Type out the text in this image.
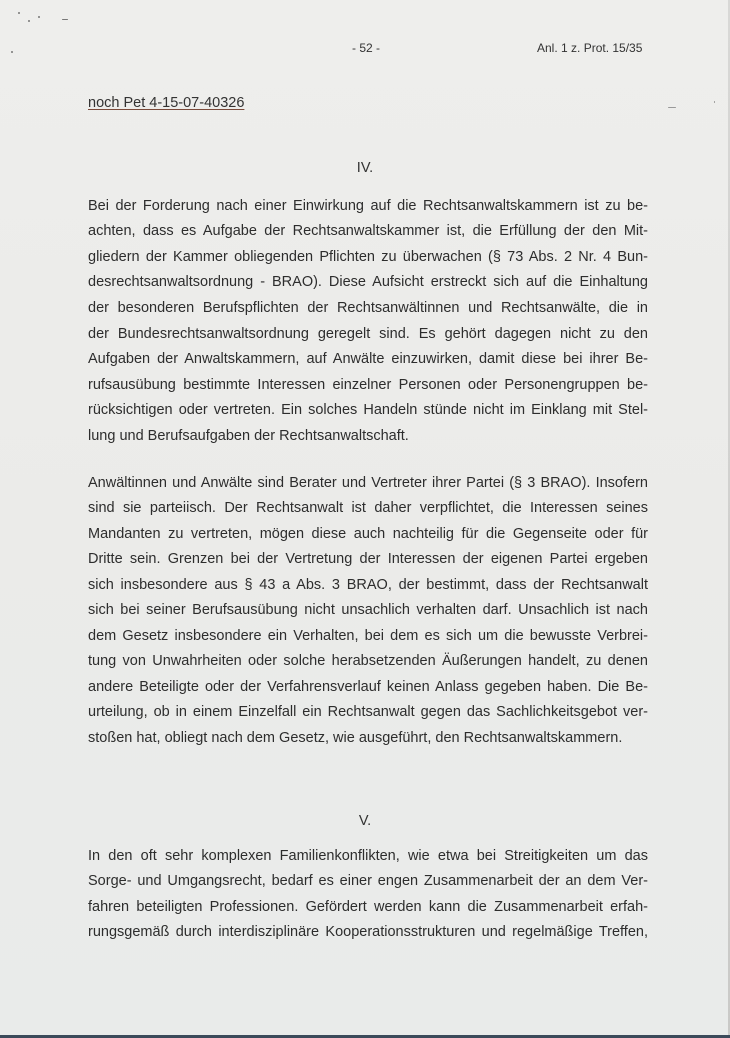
- 52 -	Anl. 1 z. Prot. 15/35
noch Pet 4-15-07-40326
IV.
Bei der Forderung nach einer Einwirkung auf die Rechtsanwaltskammern ist zu be-
achten, dass es Aufgabe der Rechtsanwaltskammer ist, die Erfüllung der den Mit-
gliedern der Kammer obliegenden Pflichten zu überwachen (§ 73 Abs. 2 Nr. 4 Bun-
desrechtsanwaltsordnung - BRAO). Diese Aufsicht erstreckt sich auf die Einhaltung
der besonderen Berufspflichten der Rechtsanwältinnen und Rechtsanwälte, die in
der Bundesrechtsanwaltsordnung geregelt sind. Es gehört dagegen nicht zu den
Aufgaben der Anwaltskammern, auf Anwälte einzuwirken, damit diese bei ihrer Be-
rufsausübung bestimmte Interessen einzelner Personen oder Personengruppen be-
rücksichtigen oder vertreten. Ein solches Handeln stünde nicht im Einklang mit Stel-
lung und Berufsaufgaben der Rechtsanwaltschaft.
Anwältinnen und Anwälte sind Berater und Vertreter ihrer Partei (§ 3 BRAO). Insofern
sind sie parteiisch. Der Rechtsanwalt ist daher verpflichtet, die Interessen seines
Mandanten zu vertreten, mögen diese auch nachteilig für die Gegenseite oder für
Dritte sein. Grenzen bei der Vertretung der Interessen der eigenen Partei ergeben
sich insbesondere aus § 43 a Abs. 3 BRAO, der bestimmt, dass der Rechtsanwalt
sich bei seiner Berufsausübung nicht unsachlich verhalten darf. Unsachlich ist nach
dem Gesetz insbesondere ein Verhalten, bei dem es sich um die bewusste Verbrei-
tung von Unwahrheiten oder solche herabsetzenden Äußerungen handelt, zu denen
andere Beteiligte oder der Verfahrensverlauf keinen Anlass gegeben haben. Die Be-
urteilung, ob in einem Einzelfall ein Rechtsanwalt gegen das Sachlichkeitsgebot ver-
stoßen hat, obliegt nach dem Gesetz, wie ausgeführt, den Rechtsanwaltskammern.
V.
In den oft sehr komplexen Familienkonflikten, wie etwa bei Streitigkeiten um das
Sorge- und Umgangsrecht, bedarf es einer engen Zusammenarbeit der an dem Ver-
fahren beteiligten Professionen. Gefördert werden kann die Zusammenarbeit erfah-
rungsgemäß durch interdisziplinäre Kooperationsstrukturen und regelmäßige Treffen,
